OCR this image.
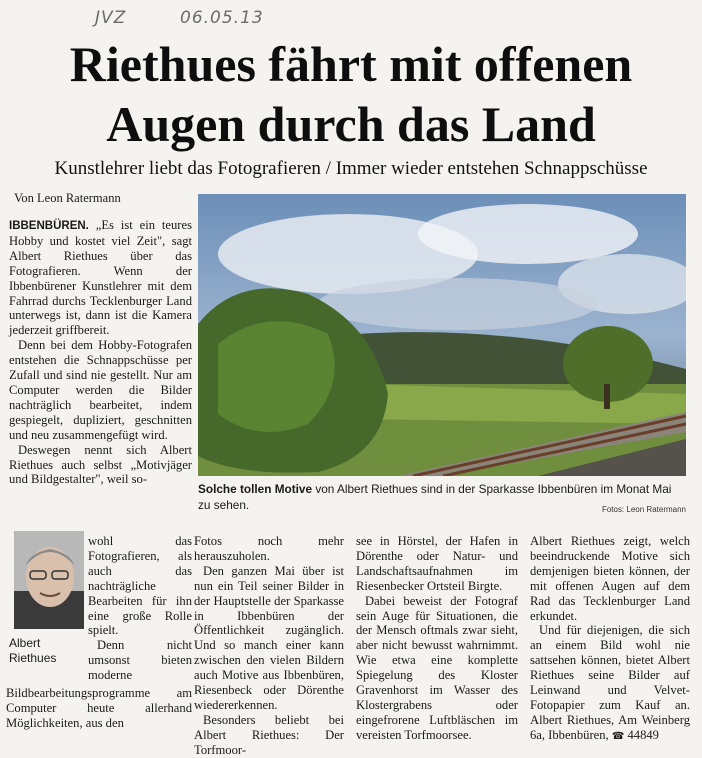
JVZ	06.05.13
Riethues fährt mit offenen
Augen durch das Land
Kunstlehrer liebt das Fotografieren / Immer wieder entstehen Schnappschüsse
Von Leon Ratermann

IBBENBÜREN. „Es ist ein teures Hobby und kostet viel Zeit", sagt Albert Riethues über das Fotografieren. Wenn der Ibbenbürener Kunstlehrer mit dem Fahrrad durchs Tecklenburger Land unterwegs ist, dann ist die Kamera jederzeit griffbereit.

Denn bei dem Hobby-Fotografen entstehen die Schnappschüsse per Zufall und sind nie gestellt. Nur am Computer werden die Bilder nachträglich bearbeitet, indem gespiegelt, dupliziert, geschnitten und neu zusammengefügt wird.

Deswegen nennt sich Albert Riethues auch selbst „Motivjäger und Bildgestalter", weil so-

Albert Riethues
wohl das Fotografieren, als auch das nachträgliche Bearbeiten für ihn eine große Rolle spielt.
Denn nicht umsonst bieten moderne
Bildbearbeitungsprogramme am Computer heute allerhand Möglichkeiten, aus den
Solche tollen Motive von Albert Riethues sind in der Sparkasse Ibbenbüren im Monat Mai zu sehen.	Fotos: Leon Ratermann

Fotos noch mehr herauszuholen.

Den ganzen Mai über ist nun ein Teil seiner Bilder in der Hauptstelle der Sparkasse in Ibbenbüren der Öffentlichkeit zugänglich. Und so manch einer kann zwischen den vielen Bildern auch Motive aus Ibbenbüren, Riesenbeck oder Dörenthe wiedererkennen.

Besonders beliebt bei Albert Riethues: Der Torfmoor-

see in Hörstel, der Hafen in Dörenthe oder Natur- und Landschaftsaufnahmen im Riesenbecker Ortsteil Birgte.

Dabei beweist der Fotograf sein Auge für Situationen, die der Mensch oftmals zwar sieht, aber nicht bewusst wahrnimmt. Wie etwa eine komplette Spiegelung des Kloster Gravenhorst im Wasser des Klostergrabens oder eingefrorene Luftbläschen im vereisten Torfmoorsee.

Albert Riethues zeigt, welch beeindruckende Motive sich demjenigen bieten können, der mit offenen Augen auf dem Rad das Tecklenburger Land erkundet.

Und für diejenigen, die sich an einem Bild wohl nie sattsehen können, bietet Albert Riethues seine Bilder auf Leinwand und Velvet-Fotopapier zum Kauf an. Albert Riethues, Am Weinberg 6a, Ibbenbüren, ☎ 44849
